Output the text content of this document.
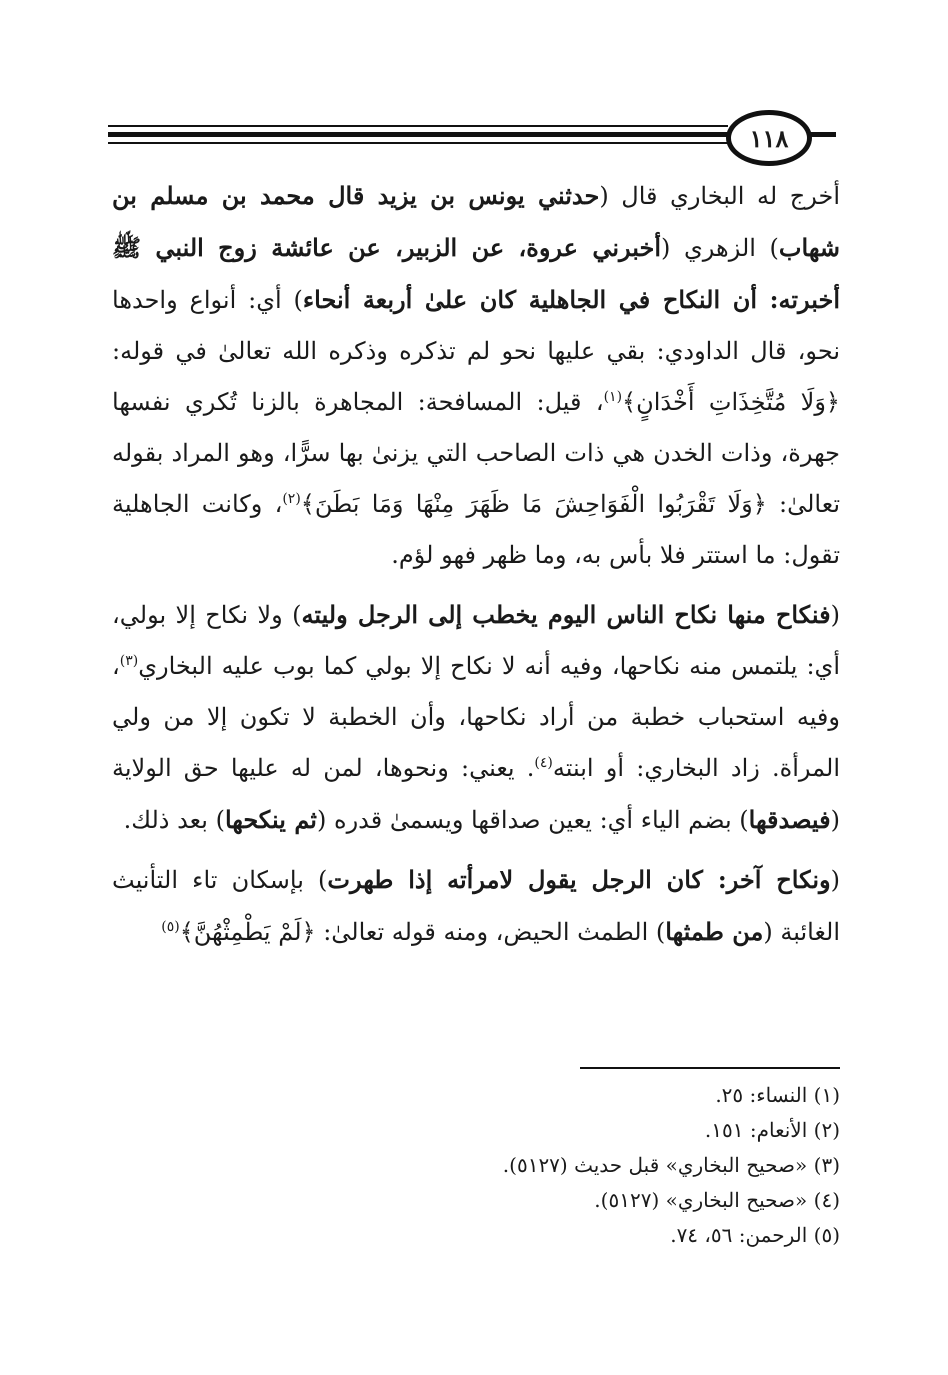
١١٨

أخرج له البخاري قال (حدثني يونس بن يزيد قال محمد بن مسلم بن شهاب) الزهري (أخبرني عروة، عن الزبير، عن عائشة زوج النبي ﷺ أخبرته: أن النكاح في الجاهلية كان علىٰ أربعة أنحاء) أي: أنواع واحدها نحو، قال الداودي: بقي عليها نحو لم تذكره وذكره الله تعالىٰ في قوله: ﴿وَلَا مُتَّخِذَاتِ أَخْدَانٍ﴾$^{(١)}$، قيل: المسافحة: المجاهرة بالزنا تُكري نفسها جهرة، وذات الخدن هي ذات الصاحب التي يزنىٰ بها سرًّا، وهو المراد بقوله تعالىٰ: ﴿وَلَا تَقْرَبُوا الْفَوَاحِشَ مَا ظَهَرَ مِنْهَا وَمَا بَطَنَ﴾$^{(٢)}$، وكانت الجاهلية تقول: ما استتر فلا بأس به، وما ظهر فهو لؤم.

(فنكاح منها نكاح الناس اليوم يخطب إلى الرجل وليته) ولا نكاح إلا بولي، أي: يلتمس منه نكاحها، وفيه أنه لا نكاح إلا بولي كما بوب عليه البخاري$^{(٣)}$، وفيه استحباب خطبة من أراد نكاحها، وأن الخطبة لا تكون إلا من ولي المرأة. زاد البخاري: أو ابنته$^{(٤)}$. يعني: ونحوها، لمن له عليها حق الولاية (فيصدقها) بضم الياء أي: يعين صداقها ويسمىٰ قدره (ثم ينكحها) بعد ذلك.

(ونكاح آخر: كان الرجل يقول لامرأته إذا طهرت) بإسكان تاء التأنيث الغائبة (من طمثها) الطمث الحيض، ومنه قوله تعالىٰ: ﴿لَمْ يَطْمِثْهُنَّ﴾$^{(٥)}$

(١) النساء: ٢٥.
(٢) الأنعام: ١٥١.
(٣) «صحيح البخاري» قبل حديث (٥١٢٧).
(٤) «صحيح البخاري» (٥١٢٧).
(٥) الرحمن: ٥٦، ٧٤.
